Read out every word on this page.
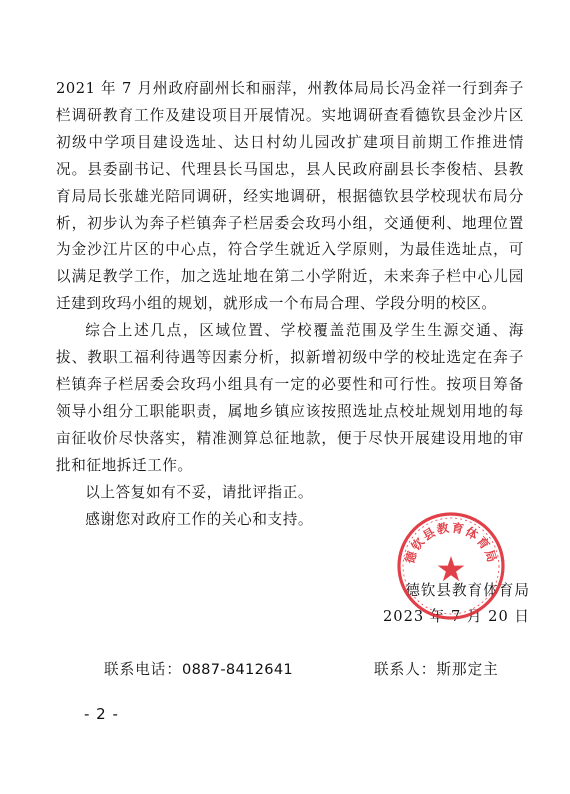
2021 年 7 月州政府副州长和丽萍，州教体局局长冯金祥一行到奔子栏调研教育工作及建设项目开展情况。实地调研查看德钦县金沙片区初级中学项目建设选址、达日村幼儿园改扩建项目前期工作推进情况。县委副书记、代理县长马国忠，县人民政府副县长李俊桔、县教育局局长张雄光陪同调研，经实地调研，根据德钦县学校现状布局分析，初步认为奔子栏镇奔子栏居委会玫玛小组，交通便利、地理位置为金沙江片区的中心点，符合学生就近入学原则，为最佳选址点，可以满足教学工作，加之选址地在第二小学附近，未来奔子栏中心儿园迁建到玫玛小组的规划，就形成一个布局合理、学段分明的校区。

综合上述几点，区域位置、学校覆盖范围及学生生源交通、海拔、教职工福利待遇等因素分析，拟新增初级中学的校址选定在奔子栏镇奔子栏居委会玫玛小组具有一定的必要性和可行性。按项目筹备领导小组分工职能职责，属地乡镇应该按照选址点校址规划用地的每亩征收价尽快落实，精准测算总征地款，便于尽快开展建设用地的审批和征地拆迁工作。

以上答复如有不妥，请批评指正。

感谢您对政府工作的关心和支持。

德钦县教育体育局
2023 年 7 月 20 日
德钦县教育体育局
联系电话：0887-8412641	联系人：斯那定主
- 2 -
